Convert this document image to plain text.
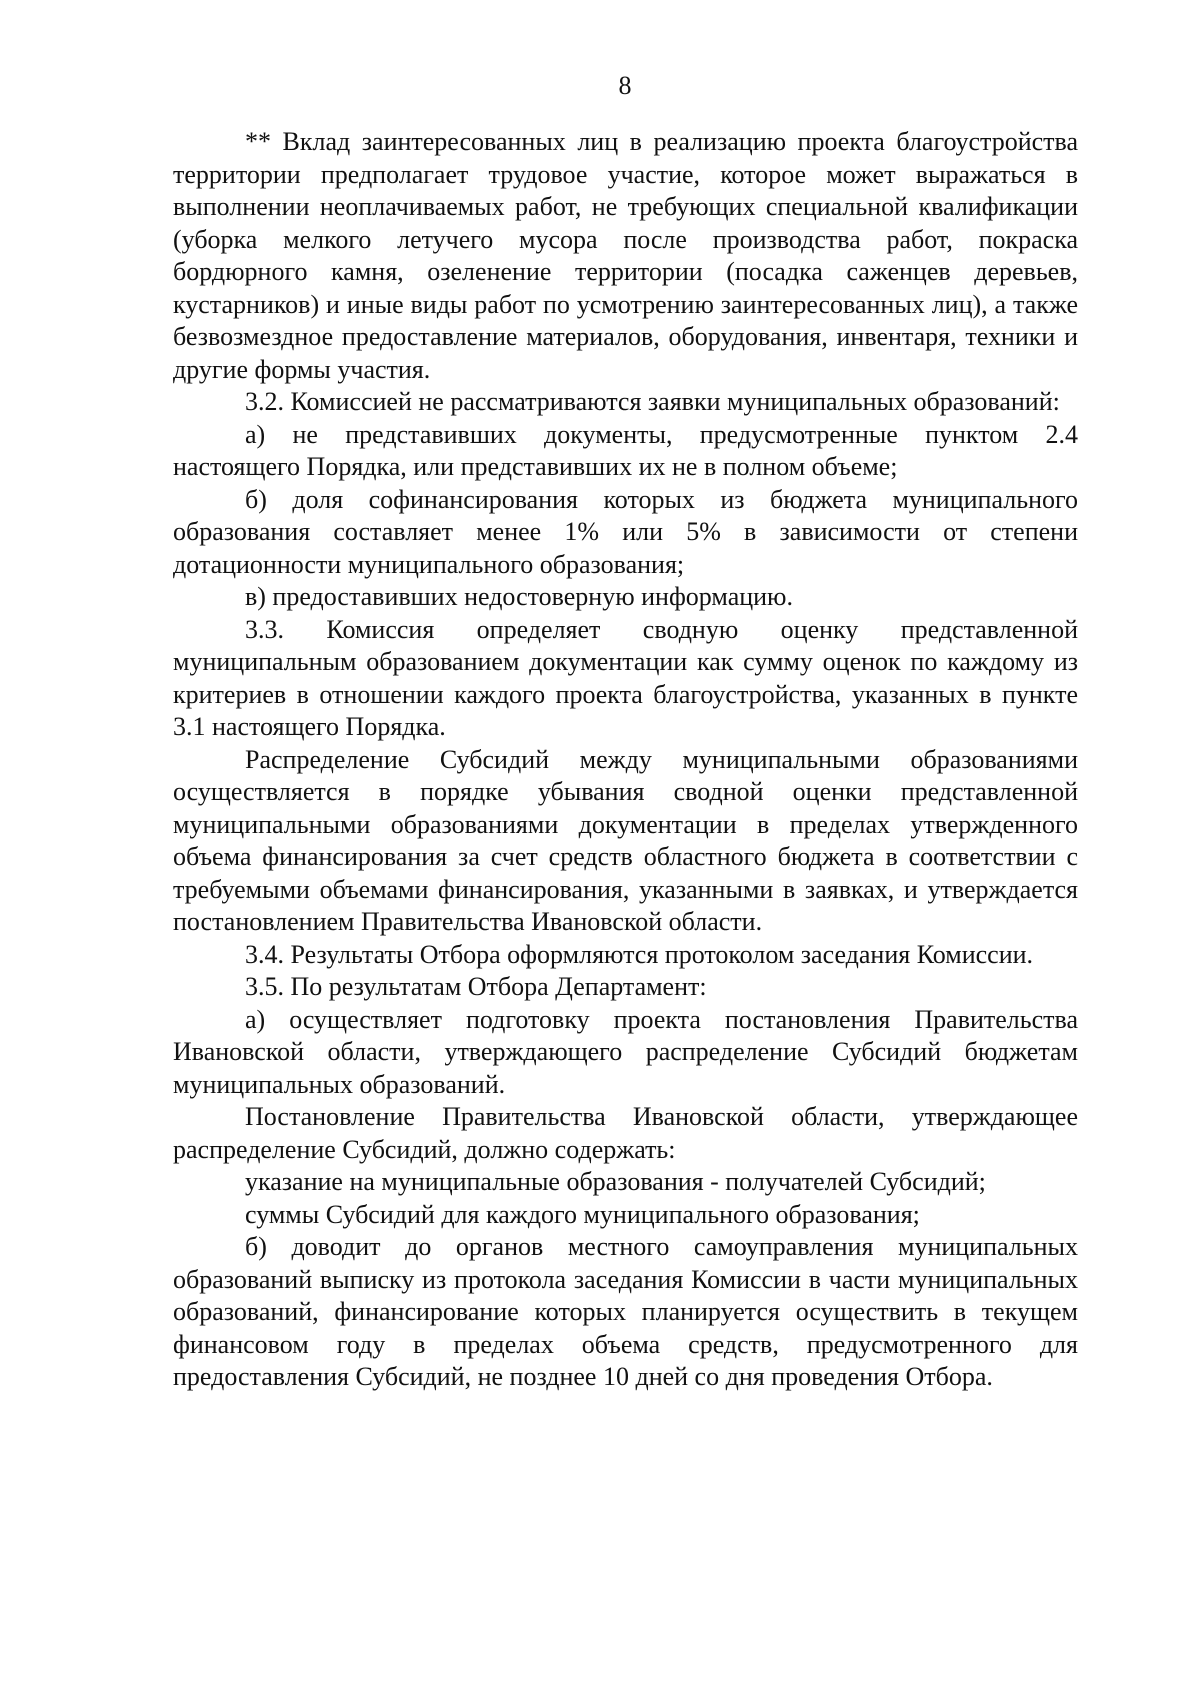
8

** Вклад заинтересованных лиц в реализацию проекта благоустройства территории предполагает трудовое участие, которое может выражаться в выполнении неоплачиваемых работ, не требующих специальной квалификации (уборка мелкого летучего мусора после производства работ, покраска бордюрного камня, озеленение территории (посадка саженцев деревьев, кустарников) и иные виды работ по усмотрению заинтересованных лиц), а также безвозмездное предоставление материалов, оборудования, инвентаря, техники и другие формы участия.

3.2. Комиссией не рассматриваются заявки муниципальных образований:

а) не представивших документы, предусмотренные пунктом 2.4 настоящего Порядка, или представивших их не в полном объеме;

б) доля софинансирования которых из бюджета муниципального образования составляет менее 1% или 5% в зависимости от степени дотационности муниципального образования;

в) предоставивших недостоверную информацию.

3.3. Комиссия определяет сводную оценку представленной муниципальным образованием документации как сумму оценок по каждому из критериев в отношении каждого проекта благоустройства, указанных в пункте 3.1 настоящего Порядка.

Распределение Субсидий между муниципальными образованиями осуществляется в порядке убывания сводной оценки представленной муниципальными образованиями документации в пределах утвержденного объема финансирования за счет средств областного бюджета в соответствии с требуемыми объемами финансирования, указанными в заявках, и утверждается постановлением Правительства Ивановской области.

3.4. Результаты Отбора оформляются протоколом заседания Комиссии.

3.5. По результатам Отбора Департамент:

а) осуществляет подготовку проекта постановления Правительства Ивановской области, утверждающего распределение Субсидий бюджетам муниципальных образований.

Постановление Правительства Ивановской области, утверждающее распределение Субсидий, должно содержать:

указание на муниципальные образования - получателей Субсидий;

суммы Субсидий для каждого муниципального образования;

б) доводит до органов местного самоуправления муниципальных образований выписку из протокола заседания Комиссии в части муниципальных образований, финансирование которых планируется осуществить в текущем финансовом году в пределах объема средств, предусмотренного для предоставления Субсидий, не позднее 10 дней со дня проведения Отбора.
